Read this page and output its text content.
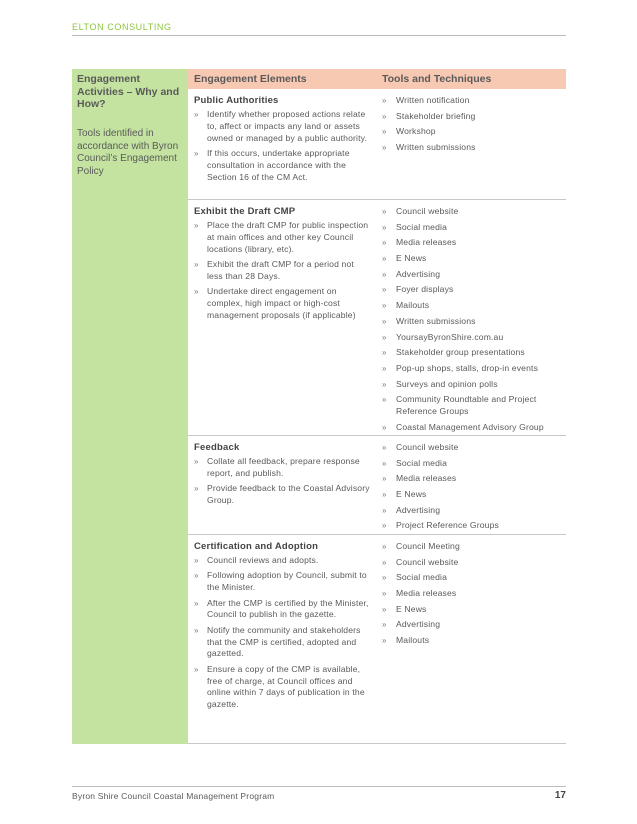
ELTON CONSULTING
Engagement Activities – Why and How?
Tools identified in accordance with Byron Council’s Engagement Policy
Engagement Elements	Tools and Techniques
Public Authorities
» Identify whether proposed actions relate to, affect or impacts any land or assets owned or managed by a public authority.
» If this occurs, undertake appropriate consultation in accordance with the Section 16 of the CM Act.
» Written notification
» Stakeholder briefing
» Workshop
» Written submissions
Exhibit the Draft CMP
» Place the draft CMP for public inspection at main offices and other key Council locations (library, etc).
» Exhibit the draft CMP for a period not less than 28 Days.
» Undertake direct engagement on complex, high impact or high-cost management proposals (if applicable)
» Council website
» Social media
» Media releases
» E News
» Advertising
» Foyer displays
» Mailouts
» Written submissions
» YoursayByronShire.com.au
» Stakeholder group presentations
» Pop-up shops, stalls, drop-in events
» Surveys and opinion polls
» Community Roundtable and Project Reference Groups
» Coastal Management Advisory Group
Feedback
» Collate all feedback, prepare response report, and publish.
» Provide feedback to the Coastal Advisory Group.
» Council website
» Social media
» Media releases
» E News
» Advertising
» Project Reference Groups
Certification and Adoption
» Council reviews and adopts.
» Following adoption by Council, submit to the Minister.
» After the CMP is certified by the Minister, Council to publish in the gazette.
» Notify the community and stakeholders that the CMP is certified, adopted and gazetted.
» Ensure a copy of the CMP is available, free of charge, at Council offices and online within 7 days of publication in the gazette.
» Council Meeting
» Council website
» Social media
» Media releases
» E News
» Advertising
» Mailouts
Byron Shire Council Coastal Management Program	17
